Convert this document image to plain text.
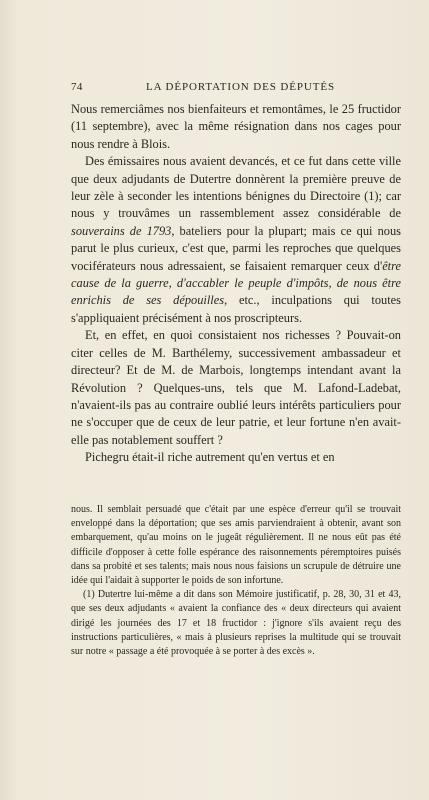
74	LA DÉPORTATION DES DÉPUTÉS

Nous remerciâmes nos bienfaiteurs et remontâmes, le 25 fructidor (11 septembre), avec la même résignation dans nos cages pour nous rendre à Blois.

Des émissaires nous avaient devancés, et ce fut dans cette ville que deux adjudants de Dutertre donnèrent la première preuve de leur zèle à seconder les intentions bénignes du Directoire (1); car nous y trouvâmes un rassemblement assez considérable de souverains de 1793, bateliers pour la plupart; mais ce qui nous parut le plus curieux, c'est que, parmi les reproches que quelques vociférateurs nous adressaient, se faisaient remarquer ceux d'être cause de la guerre, d'accabler le peuple d'impôts, de nous être enrichis de ses dépouilles, etc., inculpations qui toutes s'appliquaient précisément à nos proscripteurs.

Et, en effet, en quoi consistaient nos richesses ? Pouvait-on citer celles de M. Barthélemy, successivement ambassadeur et directeur? Et de M. de Marbois, longtemps intendant avant la Révolution ? Quelques-uns, tels que M. Lafond-Ladebat, n'avaient-ils pas au contraire oublié leurs intérêts particuliers pour ne s'occuper que de ceux de leur patrie, et leur fortune n'en avait-elle pas notablement souffert ?

Pichegru était-il riche autrement qu'en vertus et en

nous. Il semblait persuadé que c'était par une espèce d'erreur qu'il se trouvait enveloppé dans la déportation; que ses amis parviendraient à obtenir, avant son embarquement, qu'au moins on le jugeât régulièrement. Il ne nous eût pas été difficile d'opposer à cette folle espérance des raisonnements péremptoires puisés dans sa probité et ses talents; mais nous nous faisions un scrupule de détruire une idée qui l'aidait à supporter le poids de son infortune.

(1) Dutertre lui-même a dit dans son Mémoire justificatif, p. 28, 30, 31 et 43, que ses deux adjudants « avaient la confiance des « deux directeurs qui avaient dirigé les journées des 17 et 18 fructidor : j'ignore s'ils avaient reçu des instructions particulières, « mais à plusieurs reprises la multitude qui se trouvait sur notre « passage a été provoquée à se porter à des excès ».
